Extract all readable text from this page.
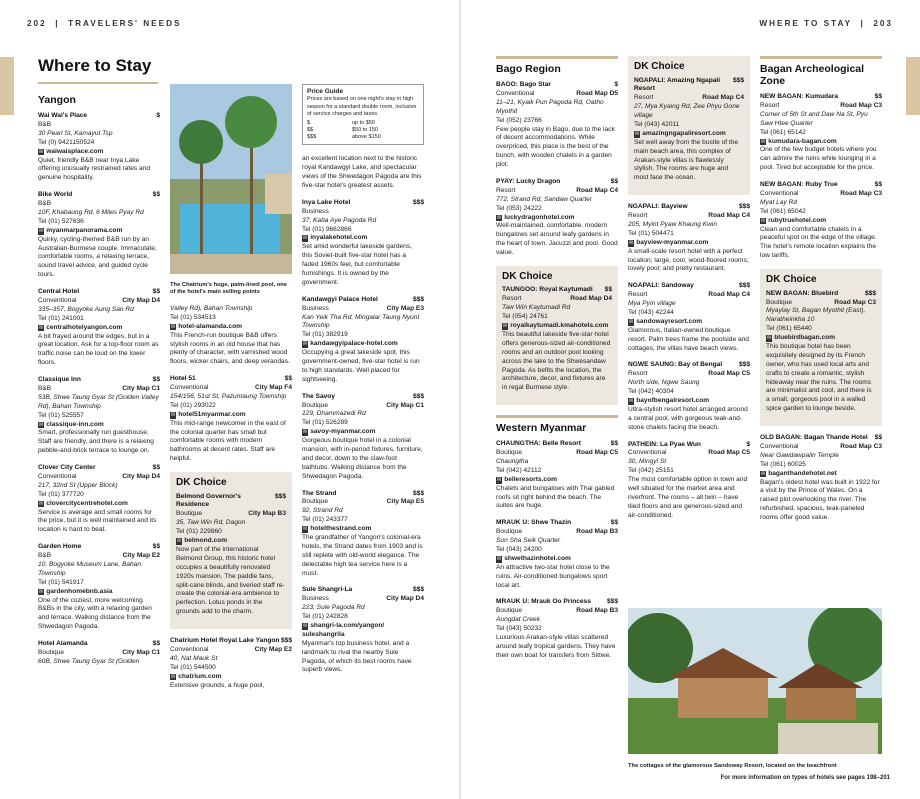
202  |  TRAVELERS' NEEDS	WHERE TO STAY  |  203
Where to Stay
Yangon
Wai Wai's Place	$
B&B
30 Pearl St, Kamayut Tsp
Tel (0) 9421150524
✉ waiwaisplace.com
Quiet, friendly B&B near Inya Lake offering unusually restrained rates and genuine hospitality.
Bike World	$$
B&B
10F, Khabaung Rd, 6 Miles Pyay Rd
Tel (01) 527636
✉ myanmarpanorama.com
Quirky, cycling-themed B&B run by an Australian-Burmese couple. Immaculate, comfortable rooms, a relaxing terrace, sound travel advice, and guided cycle tours.
Central Hotel	$$
Conventional	City Map D4
335–357, Bogyoke Aung San Rd
Tel (01) 241001
✉ centralhotelyangon.com
A bit frayed around the edges, but in a great location. Ask for a top-floor room as traffic noise can be loud on the lower floors.
Classique Inn	$$
B&B	City Map C1
53B, Shwe Taung Gyar St (Golden Valley Rd), Bahan Township
Tel (01) 525557
✉ classique-inn.com
Smart, professionally run guesthouse. Staff are friendly, and there is a relaxing pebble-and-brick terrace to lounge on.
Clover City Center	$$
Conventional	City Map D4
217, 32nd St (Upper Block)
Tel (01) 377720
✉ clovercitycentrehotel.com
Service is average and small rooms for the price, but it is well maintained and its location is hard to beat.
Garden Home	$$
B&B	City Map E2
10, Bogyoke Museum Lane, Bahan Township
Tel (01) 541917
✉ gardenhomebnb.asia
One of the coziest, more welcoming B&Bs in the city, with a relaxing garden and terrace. Walking distance from the Shwedagon Pagoda.
Hotel Alamanda	$$
Boutique	City Map C1
60B, Shwe Taung Gyar St (Golden
The Chatrium's huge, palm-lined pool, one of the hotel's main selling points
Valley Rd), Bahan Township
Tel (01) 534513
✉ hotel-alamanda.com
This French-run boutique B&B offers stylish rooms in an old house that has plenty of character, with varnished wood floors, wicker chairs, and deep verandas.
Hotel 51	$$
Conventional	City Map F4
154/156, 51st St, Pazuntaung Township
Tel (01) 293022
✉ hotel51myanmar.com
This mid-range newcomer in the east of the colonial quarter has small but comfortable rooms with modern bathrooms at decent rates. Staff are helpful.
DK Choice
Belmond Governor's Residence
$$$
Boutique	City Map B3
35, Taw Win Rd, Dagon
Tel (01) 229860
✉ belmond.com
Now part of the international Belmond Group, this historic hotel occupies a beautifully renovated 1920s mansion. The paddle fans, split-cane blinds, and liveried staff re-create the colonial-era ambience to perfection. Lotus ponds in the grounds add to the charm.
Chatrium Hotel Royal Lake Yangon $$$
Conventional	City Map E2
40, Nat Mauk St
Tel (01) 544500
✉ chatrium.com
Extensive grounds, a huge pool,
Price Guide
Prices are based on one night's stay in high season for a standard double room, inclusive of service charges and taxes.
$	up to $50
$$	$50 to 150
$$$	above $150
an excellent location next to the historic royal Kandawgyi Lake, and spectacular views of the Shwedagon Pagoda are this five-star hotel's greatest assets.
Inya Lake Hotel	$$$
Business
37, Kaba Aye Pagoda Rd
Tel (01) 9662866
✉ inyalakehotel.com
Set amid wonderful lakeside gardens, this Soviet-built five-star hotel has a faded 1960s feel, but comfortable furnishings. It is owned by the government.
Kandawgyi Palace Hotel	$$$
Business	City Map E3
Kan Yeik Tha Rd, Mingalar Taung Nyunt Township
Tel (01) 382919
✉ kandawgyipalace-hotel.com
Occupying a great lakeside spot, this government-owned, five-star hotel is run to high standards. Well placed for sightseeing.
The Savoy	$$$
Boutique	City Map C1
129, Dhammazedi Rd
Tel (01) 526289
✉ savoy-myanmar.com
Gorgeous boutique hotel in a colonial mansion, with in-period fixtures, furniture, and decor, down to the claw-foot bathtubs. Walking distance from the Shwedagon Pagoda.
The Strand	$$$
Boutique	City Map E5
92, Strand Rd
Tel (01) 243377
✉ hotelthestrand.com
The grandfather of Yangon's colonial-era hotels, the Strand dates from 1903 and is still replete with old-world elegance. The delectable high tea service here is a must.
Sule Shangri-La	$$$
Business	City Map D4
223, Sule Pagoda Rd
Tel (01) 242828
✉ shangri-la.com/yangon/ suleshangrila
Myanmar's top business hotel, and a landmark to rival the nearby Sule Pagoda, of which its best rooms have superb views.
Bago Region
BAGO: Bago Star	$
Conventional	Road Map D5
11–21, Kyaik Pun Pagoda Rd, Oatho Myothit
Tel (052) 23766
Few people stay in Bago, due to the lack of decent accommodations. While overpriced, this place is the best of the bunch, with wooden chalets in a garden plot.
PYAY: Lucky Dragon	$$
Resort	Road Map C4
772, Strand Rd, Sandaw Quarter
Tel (053) 24222
✉ luckydragonhotel.com
Well-maintained, comfortable, modern bungalows set around leafy gardens in the heart of town. Jacuzzi and pool. Good value.
DK Choice
TAUNGOO: Royal Kaytumadi $$
Resort	Road Map D4
Taw Win Kaytumadi Rd
Tel (054) 24761
✉ royalkaytumadi.kmahotels.com
This beautiful lakeside five-star hotel offers generous-sized air-conditioned rooms and an outdoor pool looking across the lake to the Shwesandaw Pagoda. As befits the location, the architecture, decor, and fixtures are in regal Burmese style.
Western Myanmar
CHAUNGTHA: Belle Resort	$$
Boutique	Road Map C5
Chaungtha
Tel (042) 42112
✉ belleresorts.com
Chalets and bungalows with Thai gabled roofs sit right behind the beach. The suites are huge.
MRAUK U: Shwe Thazin	$$
Boutique	Road Map B3
Sun Sha Seik Quarter
Tel (043) 24200
✉ shwethazinhotel.com
An attractive two-star hotel close to the ruins. Air-conditioned bungalows sport local art.
MRAUK U: Mrauk Oo Princess $$$
Boutique	Road Map B3
Aungdat Creek
Tel (043) 50232
Luxurious Arakan-style villas scattered around leafy tropical gardens. They have their own boat for transfers from Sittwe.
DK Choice
NGAPALI: Amazing Ngapali Resort
$$$
Resort	Road Map C4
27, Mya Kyaing Rd, Zee Phyu Gone village
Tel (043) 42011
✉ amazingngapaliresort.com
Set well away from the bustle of the main beach area, this complex of Arakan-style villas is flawlessly stylish. The rooms are huge and most face the ocean.
NGAPALI: Bayview	$$$
Resort	Road Map C4
205, Myint Pyaw Khaung Kwin
Tel (01) 504471
✉ bayview-myanmar.com
A small-scale resort hotel with a perfect location; large, cool, wood-floored rooms; lovely pool; and pretty restaurant.
NGAPALI: Sandoway	$$$
Resort	Road Map C4
Mya Pyin village
Tel (043) 42244
✉ sandowayresort.com
Glamorous, Italian-owned boutique resort. Palm trees frame the poolside and cottages; the villas have beach views.
NGWE SAUNG: Bay of Bengal	$$$
Resort	Road Map C5
North side, Ngwe Saung
Tel (042) 40304
✉ bayofbengalresort.com
Ultra-stylish resort hotel arranged around a central pool, with gorgeous teak-and-stone chalets facing the beach.
PATHEIN: La Pyae Wun	$
Conventional	Road Map C5
30, Mingyi St
Tel (042) 25151
The most comfortable option in town and well situated for the market area and riverfront. The rooms – all twin – have tiled floors and are generous-sized and air-conditioned.
Bagan Archeological Zone
NEW BAGAN: Kumudara	$$
Resort	Road Map C3
Corner of 5th St and Daw Na St, Pyu Saw Htee Quarter
Tel (061) 65142
✉ kumudara-bagan.com
One of the few budget hotels where you can admire the ruins while lounging in a pool. Tired but acceptable for the price.
NEW BAGAN: Ruby True	$$
Conventional	Road Map C3
Myat Lay Rd
Tel (061) 65042
✉ rubytruehotel.com
Clean and comfortable chalets in a peaceful spot on the edge of the village. The hotel's remote location explains the low tariffs.
DK Choice
NEW BAGAN: Bluebird	$$$
Boutique	Road Map C3
Myaylay St, Bagan Myothit (East), Naratheinkha 10
Tel (061) 65440
✉ bluebirdbagan.com
This boutique hotel has been exquisitely designed by its French owner, who has used local arts and crafts to create a romantic, stylish hideaway near the ruins. The rooms are minimalist and cool, and there is a small, gorgeous pool in a walled spice garden to lounge beside.
OLD BAGAN: Bagan Thande Hotel $$
Conventional	Road Map C3
Near Gawdawpalin Temple
Tel (061) 60025
✉ baganthandehotel.net
Bagan's oldest hotel was built in 1922 for a visit by the Prince of Wales. On a raised plot overlooking the river. The refurbished, spacious, teak-paneled rooms offer good value.
The cottages of the glamorous Sandoway Resort, located on the beachfront
For more information on types of hotels see pages 198–201
